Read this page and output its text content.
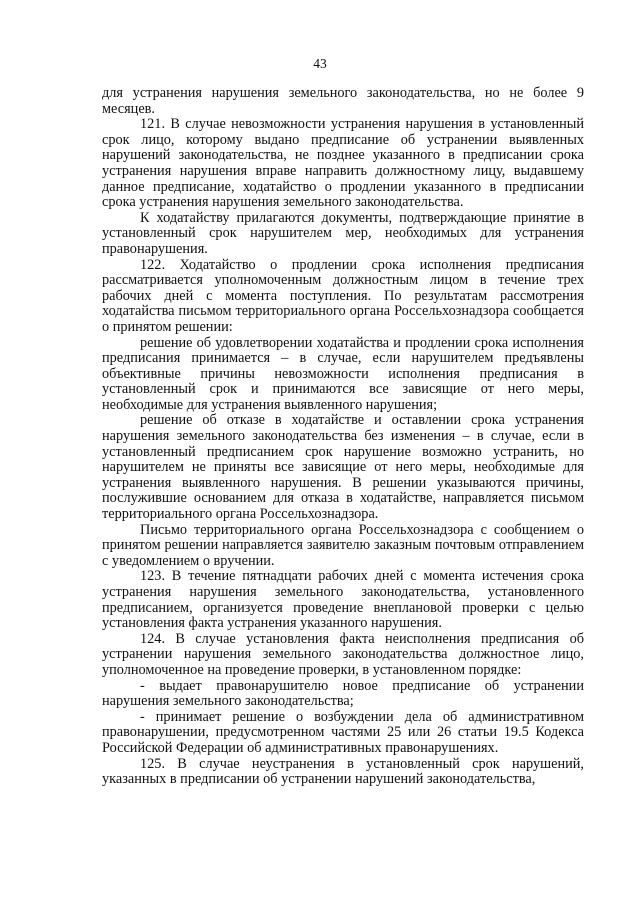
43

для устранения нарушения земельного законодательства, но не более 9 месяцев.

121. В случае невозможности устранения нарушения в установленный срок лицо, которому выдано предписание об устранении выявленных нарушений законодательства, не позднее указанного в предписании срока устранения нарушения вправе направить должностному лицу, выдавшему данное предписание, ходатайство о продлении указанного в предписании срока устранения нарушения земельного законодательства.

К ходатайству прилагаются документы, подтверждающие принятие в установленный срок нарушителем мер, необходимых для устранения правонарушения.

122. Ходатайство о продлении срока исполнения предписания рассматривается уполномоченным должностным лицом в течение трех рабочих дней с момента поступления. По результатам рассмотрения ходатайства письмом территориального органа Россельхознадзора сообщается о принятом решении:

решение об удовлетворении ходатайства и продлении срока исполнения предписания принимается – в случае, если нарушителем предъявлены объективные причины невозможности исполнения предписания в установленный срок и принимаются все зависящие от него меры, необходимые для устранения выявленного нарушения;

решение об отказе в ходатайстве и оставлении срока устранения нарушения земельного законодательства без изменения – в случае, если в установленный предписанием срок нарушение возможно устранить, но нарушителем не приняты все зависящие от него меры, необходимые для устранения выявленного нарушения. В решении указываются причины, послужившие основанием для отказа в ходатайстве, направляется письмом территориального органа Россельхознадзора.

Письмо территориального органа Россельхознадзора с сообщением о принятом решении направляется заявителю заказным почтовым отправлением с уведомлением о вручении.

123. В течение пятнадцати рабочих дней с момента истечения срока устранения нарушения земельного законодательства, установленного предписанием, организуется проведение внеплановой проверки с целью установления факта устранения указанного нарушения.

124. В случае установления факта неисполнения предписания об устранении нарушения земельного законодательства должностное лицо, уполномоченное на проведение проверки, в установленном порядке:

- выдает правонарушителю новое предписание об устранении нарушения земельного законодательства;

- принимает решение о возбуждении дела об административном правонарушении, предусмотренном частями 25 или 26 статьи 19.5 Кодекса Российской Федерации об административных правонарушениях.

125. В случае неустранения в установленный срок нарушений, указанных в предписании об устранении нарушений законодательства,
